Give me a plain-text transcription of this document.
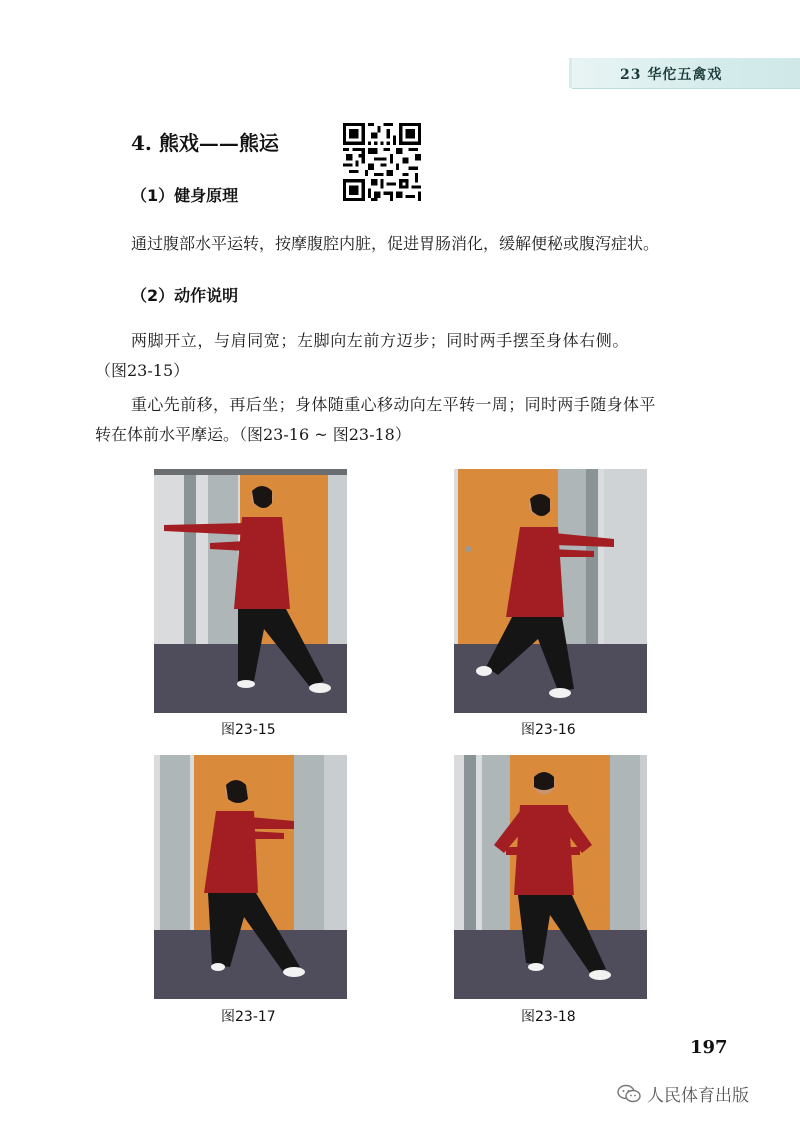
23 华佗五禽戏
4. 熊戏——熊运
（1）健身原理
通过腹部水平运转，按摩腹腔内脏，促进胃肠消化，缓解便秘或腹泻症状。
（2）动作说明
两脚开立，与肩同宽；左脚向左前方迈步；同时两手摆至身体右侧。
（图23-15）
重心先前移，再后坐；身体随重心移动向左平转一周；同时两手随身体平
转在体前水平摩运。（图23-16 ~ 图23-18）
图23-15	图23-16
图23-17	图23-18
197
人民体育出版
